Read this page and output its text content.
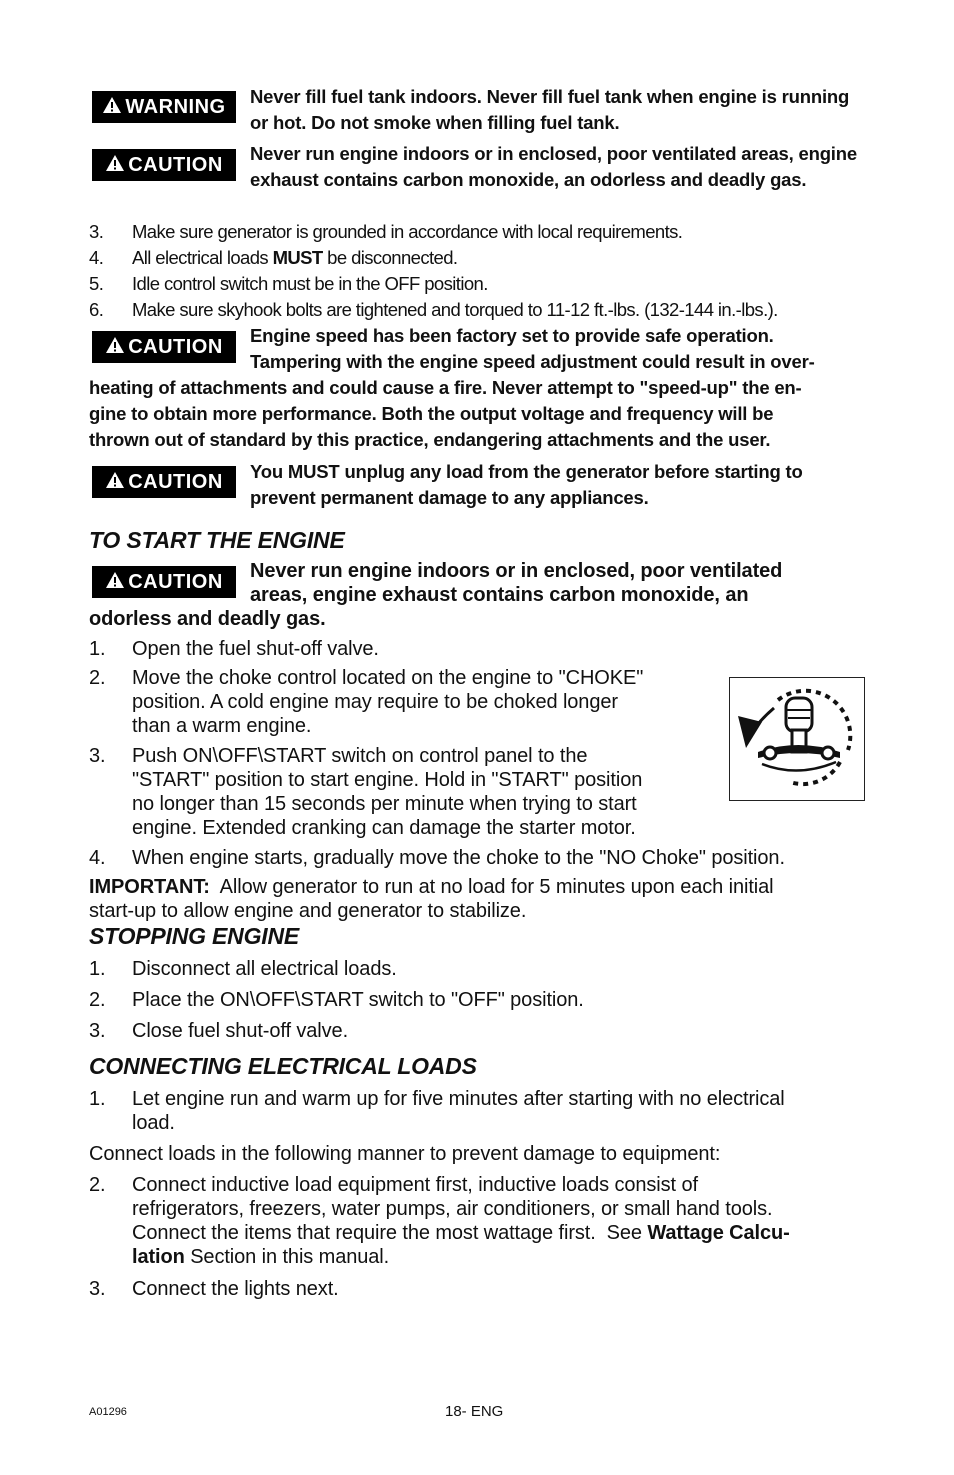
WARNING Never fill fuel tank indoors. Never fill fuel tank when engine is running or hot. Do not smoke when filling fuel tank.
CAUTION Never run engine indoors or in enclosed, poor ventilated areas, engine exhaust contains carbon monoxide, an odorless and deadly gas.
3. Make sure generator is grounded in accordance with local requirements.
4. All electrical loads MUST be disconnected.
5. Idle control switch must be in the OFF position.
6. Make sure skyhook bolts are tightened and torqued to 11-12 ft.-lbs. (132-144 in.-lbs.).
CAUTION Engine speed has been factory set to provide safe operation.
Tampering with the engine speed adjustment could result in over-
heating of attachments and could cause a fire. Never attempt to "speed-up" the en-
gine to obtain more performance. Both the output voltage and frequency will be
thrown out of standard by this practice, endangering attachments and the user.
CAUTION You MUST unplug any load from the generator before starting to prevent permanent damage to any appliances.
TO START THE ENGINE
CAUTION Never run engine indoors or in enclosed, poor ventilated
areas, engine exhaust contains carbon monoxide, an
odorless and deadly gas.
1. Open the fuel shut-off valve.
2. Move the choke control located on the engine to "CHOKE"
position. A cold engine may require to be choked longer
than a warm engine.
3. Push ON\OFF\START switch on control panel to the
"START" position to start engine. Hold in "START" position
no longer than 15 seconds per minute when trying to start
engine. Extended cranking can damage the starter motor.
4. When engine starts, gradually move the choke to the "NO Choke" position.
IMPORTANT:  Allow generator to run at no load for 5 minutes upon each initial
start-up to allow engine and generator to stabilize.
STOPPING ENGINE
1. Disconnect all electrical loads.
2. Place the ON\OFF\START switch to "OFF" position.
3. Close fuel shut-off valve.
CONNECTING ELECTRICAL LOADS
1. Let engine run and warm up for five minutes after starting with no electrical
load.
Connect loads in the following manner to prevent damage to equipment:
2. Connect inductive load equipment first, inductive loads consist of
refrigerators, freezers, water pumps, air conditioners, or small hand tools.
Connect the items that require the most wattage first.  See Wattage Calcu-
lation Section in this manual.
3. Connect the lights next.
A01296	18- ENG
